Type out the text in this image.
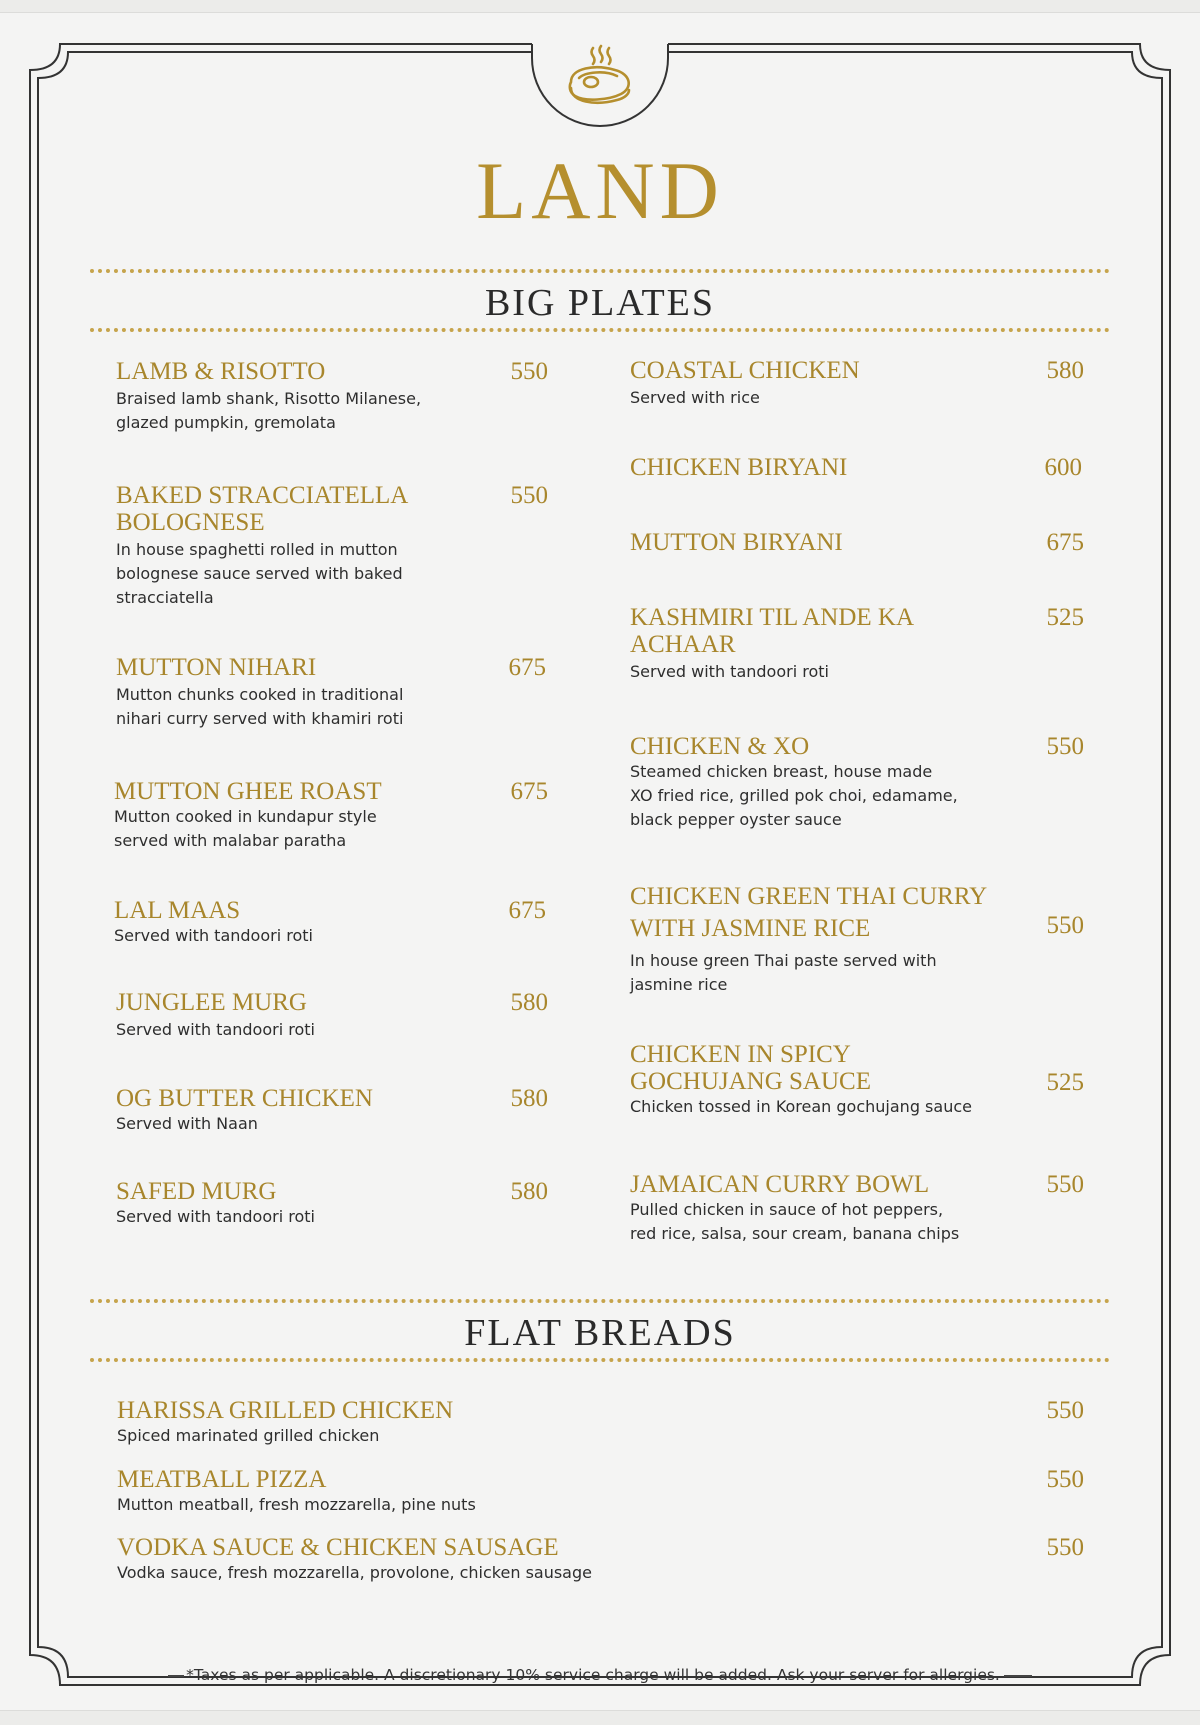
LAND
BIG PLATES
LAMB & RISOTTO
Braised lamb shank, Risotto Milanese,
glazed pumpkin, gremolata
550
BAKED STRACCIATELLA
BOLOGNESE
In house spaghetti rolled in mutton
bolognese sauce served with baked
stracciatella
550
MUTTON NIHARI
Mutton chunks cooked in traditional
nihari curry served with khamiri roti
675
MUTTON GHEE ROAST
Mutton cooked in kundapur style
served with malabar paratha
675
LAL MAAS
Served with tandoori roti
675
JUNGLEE MURG
Served with tandoori roti
580
OG BUTTER CHICKEN
Served with Naan
580
SAFED MURG
Served with tandoori roti
580
COASTAL CHICKEN
Served with rice
580
CHICKEN BIRYANI	600
MUTTON BIRYANI	675
KASHMIRI TIL ANDE KA
ACHAAR
Served with tandoori roti
525
CHICKEN & XO
Steamed chicken breast, house made
XO fried rice, grilled pok choi, edamame,
black pepper oyster sauce
550
CHICKEN GREEN THAI CURRY
WITH JASMINE RICE
In house green Thai paste served with
jasmine rice
550
CHICKEN IN SPICY
GOCHUJANG SAUCE
Chicken tossed in Korean gochujang sauce
525
JAMAICAN CURRY BOWL
Pulled chicken in sauce of hot peppers,
red rice, salsa, sour cream, banana chips
550
FLAT BREADS
HARISSA GRILLED CHICKEN
Spiced marinated grilled chicken
550
MEATBALL PIZZA
Mutton meatball, fresh mozzarella, pine nuts
550
VODKA SAUCE & CHICKEN SAUSAGE
Vodka sauce, fresh mozzarella, provolone, chicken sausage
550
*Taxes as per applicable. A discretionary 10% service charge will be added. Ask your server for allergies.
